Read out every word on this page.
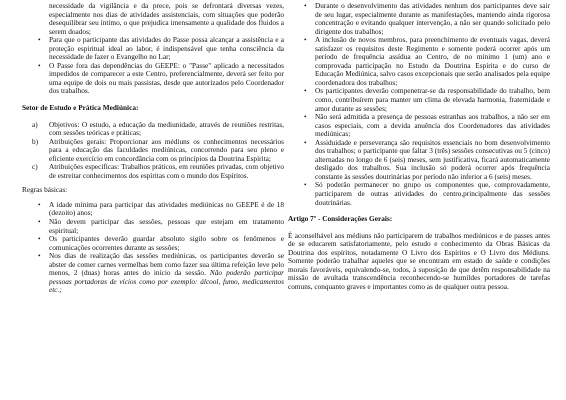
necessidade da vigilância e da prece, pois se defrontará diversas vezes, especialmente nos dias de atividades assistenciais, com situações que poderão desequilibrar seu íntimo, o que prejudica imensamente a qualidade dos fluidos a serem doados;

• Para que o participante das atividades do Passe possa alcançar a assistência e a proteção espiritual ideal ao labor, é indispensável que tenha consciência da necessidade de fazer o Evangelho no Lar;
• O Passe fora das dependências do GEEPE: o "Passe" aplicado a necessitados impedidos de comparecer a este Centro, preferencialmente, deverá ser feito por uma equipe de dois ou mais passistas, desde que autorizados pelo Coordenador dos trabalhos.

Setor de Estudo e Prática Mediúnica:

a) Objetivos: O estudo, a educação da mediunidade, através de reuniões restritas, com sessões teóricas e práticas;
b) Atribuições gerais: Proporcionar aos médiuns os conhecimentos necessários para a educação das faculdades mediúnicas, concorrendo para seu pleno e eficiente exercício em concordância com os princípios da Doutrina Espírita;
c) Atribuições específicas: Trabalhos práticos, em reuniões privadas, com objetivo de estreitar conhecimentos dos espíritas com o mundo dos Espíritos.

Regras básicas:

• A idade mínima para participar das atividades mediúnicas no GEEPE é de 18 (dezoito) anos;
• Não devem participar das sessões, pessoas que estejam em tratamento espiritual;
• Os participantes deverão guardar absoluto sigilo sobre os fenômenos e comunicações ocorrentes durante as sessões;
• Nos dias de realização das sessões mediúnicas, os participantes deverão se abster de comer carnes vermelhas bem como fazer sua última refeição leve pelo menos, 2 (duas) horas antes do início da sessão. Não poderão participar pessoas portadoras de vícios como por exemplo: álcool, fumo, medicamentos etc.;
• Durante o desenvolvimento das atividades nenhum dos participantes deve sair de seu lugar, especialmente durante as manifestações, mantendo ainda rigorosa concentração e evitando qualquer intervenção, a não ser quando solicitado pelo dirigente dos trabalhos;
• A inclusão de novos membros, para preenchimento de eventuais vagas, deverá satisfazer os requisitos deste Regimento e somente poderá ocorrer após um período de frequência assídua ao Centro, de no mínimo 1 (um) ano e comprovada participação no Estudo da Doutrina Espírita e do curso de Educação Mediúnica, salvo casos excepcionais que serão analisados pela equipe coordenadora dos trabalhos;
• Os participantes deverão compenetrar-se da responsabilidade do trabalho, bem como, contribuírem para manter um clima de elevada harmonia, fraternidade e amor durante as sessões;
• Não será admitida a presença de pessoas estranhas aos trabalhos, a não ser em casos especiais, com a devida anuência dos Coordenadores das atividades mediúnicas;
• Assiduidade e perseverança são requisitos essenciais no bom desenvolvimento dos trabalhos; o participante que faltar 3 (três) sessões consecutivas ou 5 (cinco) alternadas no longo de 6 (seis) meses, sem justificativa, ficará automaticamente desligado dos trabalhos. Sua inclusão só poderá ocorrer após frequência constante às sessões doutrinárias por período não inferior a 6 (seis) meses.
• Só poderão permanecer no grupo os componentes que, comprovadamente, participarem de outras atividades do centro,principalmente das sessões doutrinárias.

Artigo 7º - Considerações Gerais:

É aconselhável aos médiuns não participarem de trabalhos mediúnicos e de passes antes de se educarem satisfatoriamente, pelo estudo e conhecimento da Obras Básicas da Doutrina dos espíritos, notadamente O Livro dos Espíritos e O Livro dos Médiuns. Somente poderão trabalhar aqueles que se encontram em estado de saúde e condições morais favoráveis, equivalendo-se, todos, à suposição de que detêm responsabilidade na missão de avultada transcendência reconhecendo-se humildes portadores de tarefas comuns, conquanto graves e importantes como as de qualquer outra pessoa.
